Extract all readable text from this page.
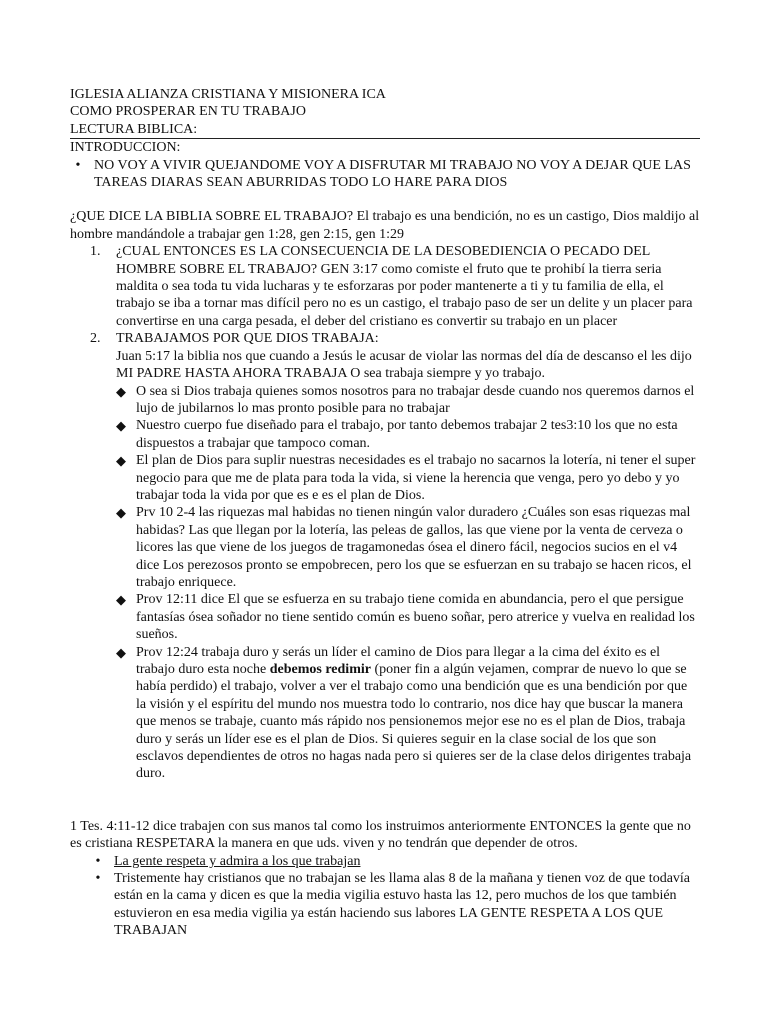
IGLESIA ALIANZA CRISTIANA Y MISIONERA ICA

COMO PROSPERAR EN TU TRABAJO

LECTURA BIBLICA:

INTRODUCCION:

• NO VOY A VIVIR QUEJANDOME VOY A DISFRUTAR MI TRABAJO NO VOY A DEJAR QUE LAS TAREAS DIARAS SEAN ABURRIDAS TODO LO HARE PARA DIOS

¿QUE DICE LA BIBLIA SOBRE EL TRABAJO? El trabajo es una bendición, no es un castigo, Dios maldijo al hombre mandándole a trabajar gen 1:28, gen 2:15, gen 1:29

1. ¿CUAL ENTONCES ES LA CONSECUENCIA DE LA DESOBEDIENCIA O PECADO DEL HOMBRE SOBRE EL TRABAJO? GEN 3:17 como comiste el fruto que te prohibí la tierra seria maldita o sea toda tu vida lucharas y te esforzaras por poder mantenerte a ti y tu familia de ella, el trabajo se iba a tornar mas difícil pero no es un castigo, el trabajo paso de ser un delite y un placer para convertirse en una carga pesada, el deber del cristiano es convertir su trabajo en un placer
2. TRABAJAMOS POR QUE DIOS TRABAJA:

Juan 5:17 la biblia nos que cuando a Jesús le acusar de violar las normas del día de descanso el les dijo MI PADRE HASTA AHORA TRABAJA O sea trabaja siempre y yo trabajo.

◆ O sea si Dios trabaja quienes somos nosotros para no trabajar desde cuando nos queremos darnos el lujo de jubilarnos lo mas pronto posible para no trabajar
◆ Nuestro cuerpo fue diseñado para el trabajo, por tanto debemos trabajar 2 tes3:10 los que no esta dispuestos a trabajar que tampoco coman.
◆ El plan de Dios para suplir nuestras necesidades es el trabajo no sacarnos la lotería, ni tener el super negocio para que me de plata para toda la vida, si viene la herencia que venga, pero yo debo y yo trabajar toda la vida por que es e es el plan de Dios.
◆ Prv 10 2-4 las riquezas mal habidas no tienen ningún valor duradero ¿Cuáles son esas riquezas mal habidas? Las que llegan por la lotería, las peleas de gallos, las que viene por la venta de cerveza o licores las que viene de los juegos de tragamonedas ósea el dinero fácil, negocios sucios en el v4 dice Los perezosos pronto se empobrecen, pero los que se esfuerzan en su trabajo se hacen ricos, el trabajo enriquece.
◆ Prov 12:11 dice El que se esfuerza en su trabajo tiene comida en abundancia, pero el que persigue fantasías ósea soñador no tiene sentido común es bueno soñar, pero atrerice y vuelva en realidad los sueños.
◆ Prov 12:24 trabaja duro y serás un líder el camino de Dios para llegar a la cima del éxito es el trabajo duro esta noche debemos redimir (poner fin a algún vejamen, comprar de nuevo lo que se había perdido) el trabajo, volver a ver el trabajo como una bendición que es una bendición por que la visión y el espíritu del mundo nos muestra todo lo contrario, nos dice hay que buscar la manera que menos se trabaje, cuanto más rápido nos pensionemos mejor ese no es el plan de Dios, trabaja duro y serás un líder ese es el plan de Dios. Si quieres seguir en la clase social de los que son esclavos dependientes de otros no hagas nada pero si quieres ser de la clase delos dirigentes trabaja duro.

1 Tes. 4:11-12 dice trabajen con sus manos tal como los instruimos anteriormente ENTONCES la gente que no es cristiana RESPETARA la manera en que uds. viven y no tendrán que depender de otros.

• La gente respeta y admira a los que trabajan
• Tristemente hay cristianos que no trabajan se les llama alas 8 de la mañana y tienen voz de que todavía están en la cama y dicen es que la media vigilia estuvo hasta las 12, pero muchos de los que también estuvieron en esa media vigilia ya están haciendo sus labores LA GENTE RESPETA A LOS QUE TRABAJAN
